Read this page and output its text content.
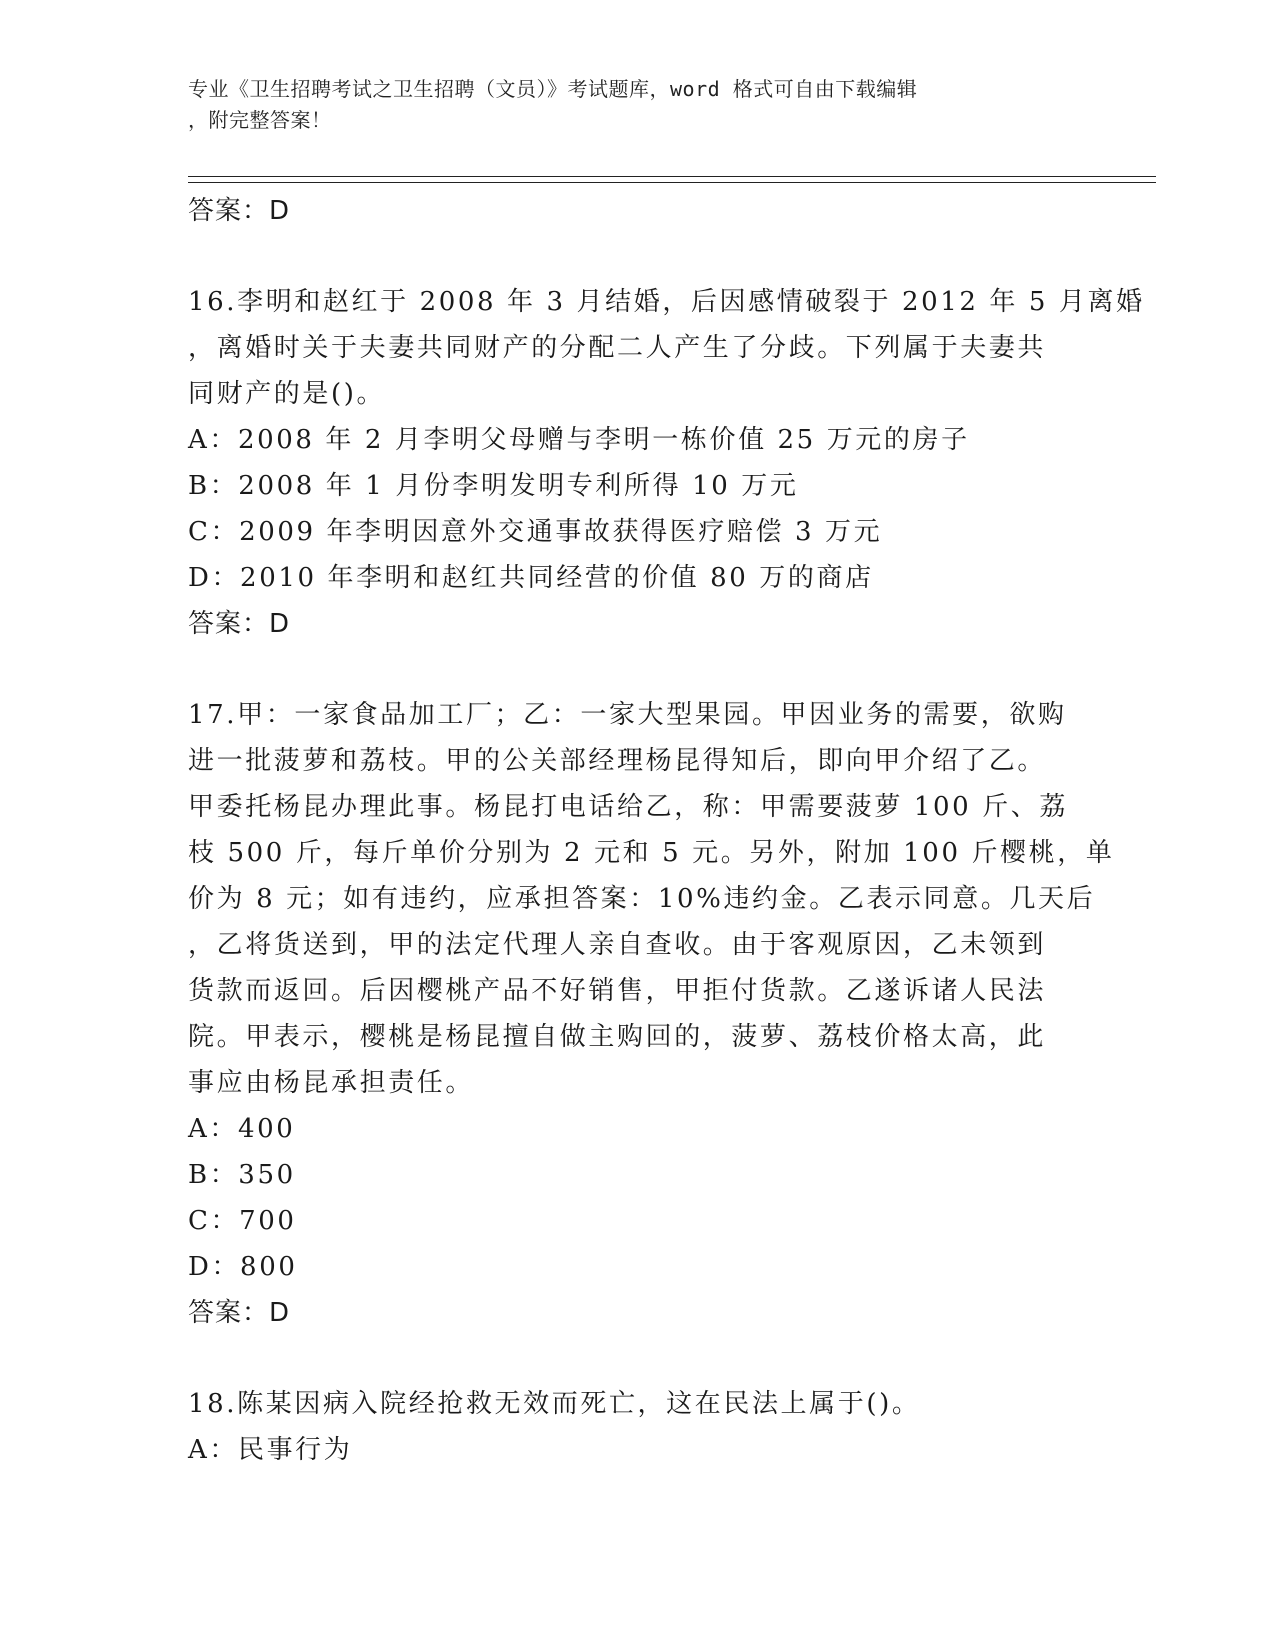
专业《卫生招聘考试之卫生招聘（文员）》考试题库，word 格式可自由下载编辑
，附完整答案！
答案：D
16.李明和赵红于 2008 年 3 月结婚，后因感情破裂于 2012 年 5 月离婚
，离婚时关于夫妻共同财产的分配二人产生了分歧。下列属于夫妻共
同财产的是()。
A：2008 年 2 月李明父母赠与李明一栋价值 25 万元的房子
B：2008 年 1 月份李明发明专利所得 10 万元
C：2009 年李明因意外交通事故获得医疗赔偿 3 万元
D：2010 年李明和赵红共同经营的价值 80 万的商店
答案：D
17.甲：一家食品加工厂；乙：一家大型果园。甲因业务的需要，欲购
进一批菠萝和荔枝。甲的公关部经理杨昆得知后，即向甲介绍了乙。
甲委托杨昆办理此事。杨昆打电话给乙，称：甲需要菠萝 100 斤、荔
枝 500 斤，每斤单价分别为 2 元和 5 元。另外，附加 100 斤樱桃，单
价为 8 元；如有违约，应承担答案：10%违约金。乙表示同意。几天后
，乙将货送到，甲的法定代理人亲自查收。由于客观原因，乙未领到
货款而返回。后因樱桃产品不好销售，甲拒付货款。乙遂诉诸人民法
院。甲表示，樱桃是杨昆擅自做主购回的，菠萝、荔枝价格太高，此
事应由杨昆承担责任。
A：400
B：350
C：700
D：800
答案：D
18.陈某因病入院经抢救无效而死亡，这在民法上属于()。
A：民事行为
